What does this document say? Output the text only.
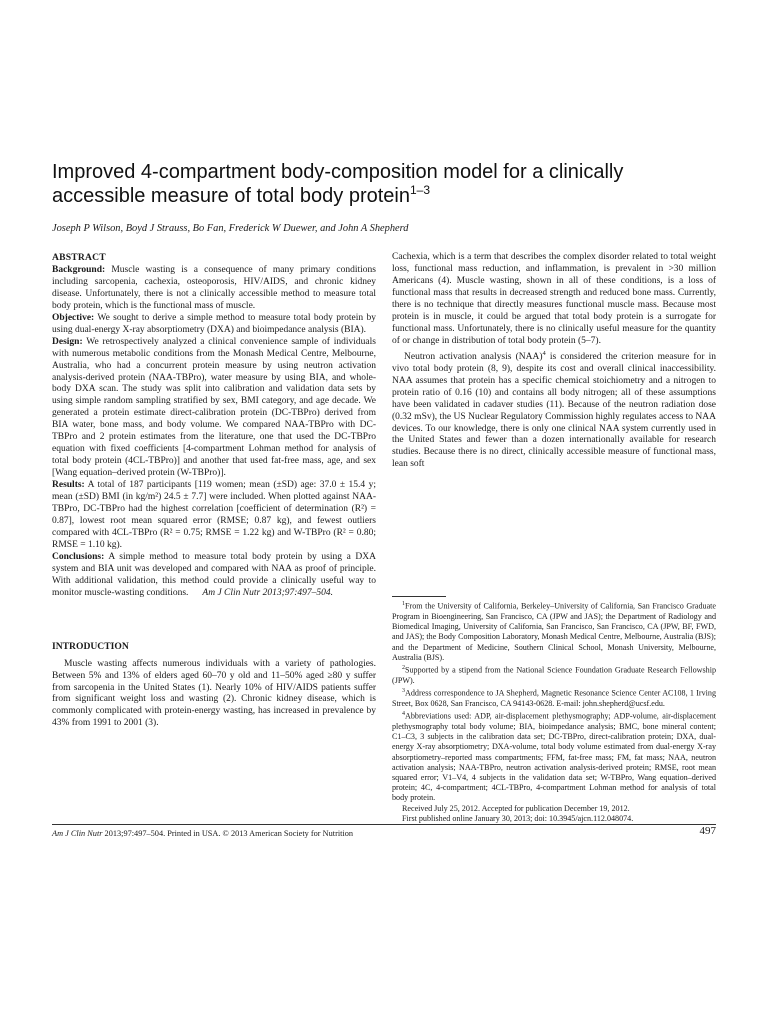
Improved 4-compartment body-composition model for a clinically accessible measure of total body protein$^{1-3}$
Joseph P Wilson, Boyd J Strauss, Bo Fan, Frederick W Duewer, and John A Shepherd
ABSTRACT

Background: Muscle wasting is a consequence of many primary conditions including sarcopenia, cachexia, osteoporosis, HIV/AIDS, and chronic kidney disease. Unfortunately, there is not a clinically accessible method to measure total body protein, which is the functional mass of muscle.

Objective: We sought to derive a simple method to measure total body protein by using dual-energy X-ray absorptiometry (DXA) and bioimpedance analysis (BIA).

Design: We retrospectively analyzed a clinical convenience sample of individuals with numerous metabolic conditions from the Monash Medical Centre, Melbourne, Australia, who had a concurrent protein measure by using neutron activation analysis-derived protein (NAA-TBPro), water measure by using BIA, and whole-body DXA scan. The study was split into calibration and validation data sets by using simple random sampling stratified by sex, BMI category, and age decade. We generated a protein estimate direct-calibration protein (DC-TBPro) derived from BIA water, bone mass, and body volume. We compared NAA-TBPro with DC-TBPro and 2 protein estimates from the literature, one that used the DC-TBPro equation with fixed coefficients [4-compartment Lohman method for analysis of total body protein (4CL-TBPro)] and another that used fat-free mass, age, and sex [Wang equation–derived protein (W-TBPro)].

Results: A total of 187 participants [119 women; mean (±SD) age: 37.0 ± 15.4 y; mean (±SD) BMI (in kg/m²) 24.5 ± 7.7] were included. When plotted against NAA-TBPro, DC-TBPro had the highest correlation [coefficient of determination (R²) = 0.87], lowest root mean squared error (RMSE; 0.87 kg), and fewest outliers compared with 4CL-TBPro (R² = 0.75; RMSE = 1.22 kg) and W-TBPro (R² = 0.80; RMSE = 1.10 kg).

Conclusions: A simple method to measure total body protein by using a DXA system and BIA unit was developed and compared with NAA as proof of principle. With additional validation, this method could provide a clinically useful way to monitor muscle-wasting conditions. Am J Clin Nutr 2013;97:497–504.

INTRODUCTION

Muscle wasting affects numerous individuals with a variety of pathologies. Between 5% and 13% of elders aged 60–70 y old and 11–50% aged ≥80 y suffer from sarcopenia in the United States (1). Nearly 10% of HIV/AIDS patients suffer from significant weight loss and wasting (2). Chronic kidney disease, which is commonly complicated with protein-energy wasting, has increased in prevalence by 43% from 1991 to 2001 (3).

Cachexia, which is a term that describes the complex disorder related to total weight loss, functional mass reduction, and inflammation, is prevalent in >30 million Americans (4). Muscle wasting, shown in all of these conditions, is a loss of functional mass that results in decreased strength and reduced bone mass. Currently, there is no technique that directly measures functional muscle mass. Because most protein is in muscle, it could be argued that total body protein is a surrogate for functional mass. Unfortunately, there is no clinically useful measure for the quantity of or change in distribution of total body protein (5–7).

Neutron activation analysis (NAA)$^4$ is considered the criterion measure for in vivo total body protein (8, 9), despite its cost and overall clinical inaccessibility. NAA assumes that protein has a specific chemical stoichiometry and a nitrogen to protein ratio of 0.16 (10) and contains all body nitrogen; all of these assumptions have been validated in cadaver studies (11). Because of the neutron radiation dose (0.32 mSv), the US Nuclear Regulatory Commission highly regulates access to NAA devices. To our knowledge, there is only one clinical NAA system currently used in the United States and fewer than a dozen internationally available for research studies. Because there is no direct, clinically accessible measure of functional mass, lean soft

$^1$From the University of California, Berkeley–University of California, San Francisco Graduate Program in Bioengineering, San Francisco, CA (JPW and JAS); the Department of Radiology and Biomedical Imaging, University of California, San Francisco, San Francisco, CA (JPW, BF, FWD, and JAS); the Body Composition Laboratory, Monash Medical Centre, Melbourne, Australia (BJS); and the Department of Medicine, Southern Clinical School, Monash University, Melbourne, Australia (BJS).

$^2$Supported by a stipend from the National Science Foundation Graduate Research Fellowship (JPW).

$^3$Address correspondence to JA Shepherd, Magnetic Resonance Science Center AC108, 1 Irving Street, Box 0628, San Francisco, CA 94143-0628. E-mail: john.shepherd@ucsf.edu.

$^4$Abbreviations used: ADP, air-displacement plethysmography; ADP-volume, air-displacement plethysmography total body volume; BIA, bioimpedance analysis; BMC, bone mineral content; C1–C3, 3 subjects in the calibration data set; DC-TBPro, direct-calibration protein; DXA, dual-energy X-ray absorptiometry; DXA-volume, total body volume estimated from dual-energy X-ray absorptiometry–reported mass compartments; FFM, fat-free mass; FM, fat mass; NAA, neutron activation analysis; NAA-TBPro, neutron activation analysis-derived protein; RMSE, root mean squared error; V1–V4, 4 subjects in the validation data set; W-TBPro, Wang equation–derived protein; 4C, 4-compartment; 4CL-TBPro, 4-compartment Lohman method for analysis of total body protein.

Received July 25, 2012. Accepted for publication December 19, 2012.

First published online January 30, 2013; doi: 10.3945/ajcn.112.048074.

Am J Clin Nutr 2013;97:497–504. Printed in USA. © 2013 American Society for Nutrition	497
